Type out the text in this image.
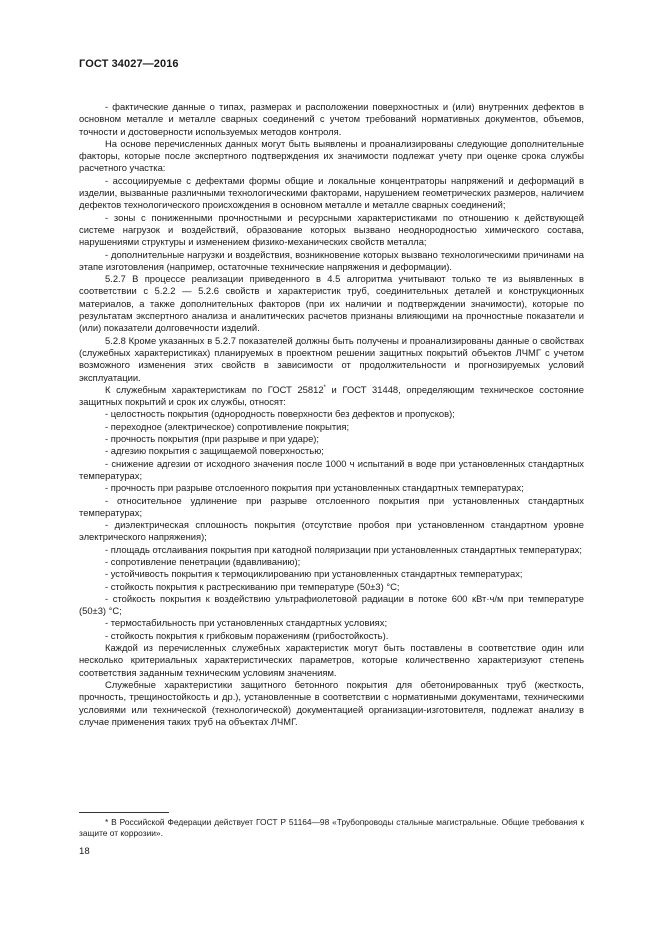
ГОСТ 34027—2016

- фактические данные о типах, размерах и расположении поверхностных и (или) внутренних дефектов в основном металле и металле сварных соединений с учетом требований нормативных документов, объемов, точности и достоверности используемых методов контроля.

На основе перечисленных данных могут быть выявлены и проанализированы следующие дополнительные факторы, которые после экспертного подтверждения их значимости подлежат учету при оценке срока службы расчетного участка:

- ассоциируемые с дефектами формы общие и локальные концентраторы напряжений и деформаций в изделии, вызванные различными технологическими факторами, нарушением геометрических размеров, наличием дефектов технологического происхождения в основном металле и металле сварных соединений;

- зоны с пониженными прочностными и ресурсными характеристиками по отношению к действующей системе нагрузок и воздействий, образование которых вызвано неоднородностью химического состава, нарушениями структуры и изменением физико-механических свойств металла;

- дополнительные нагрузки и воздействия, возникновение которых вызвано технологическими причинами на этапе изготовления (например, остаточные технические напряжения и деформации).

5.2.7 В процессе реализации приведенного в 4.5 алгоритма учитывают только те из выявленных в соответствии с 5.2.2 — 5.2.6 свойств и характеристик труб, соединительных деталей и конструкционных материалов, а также дополнительных факторов (при их наличии и подтверждении значимости), которые по результатам экспертного анализа и аналитических расчетов признаны влияющими на прочностные показатели и (или) показатели долговечности изделий.

5.2.8 Кроме указанных в 5.2.7 показателей должны быть получены и проанализированы данные о свойствах (служебных характеристиках) планируемых в проектном решении защитных покрытий объектов ЛЧМГ с учетом возможного изменения этих свойств в зависимости от продолжительности и прогнозируемых условий эксплуатации.

К служебным характеристикам по ГОСТ 25812* и ГОСТ 31448, определяющим техническое состояние защитных покрытий и срок их службы, относят:

- целостность покрытия (однородность поверхности без дефектов и пропусков);

- переходное (электрическое) сопротивление покрытия;

- прочность покрытия (при разрыве и при ударе);

- адгезию покрытия с защищаемой поверхностью;

- снижение адгезии от исходного значения после 1000 ч испытаний в воде при установленных стандартных температурах;

- прочность при разрыве отслоенного покрытия при установленных стандартных температурах;

- относительное удлинение при разрыве отслоенного покрытия при установленных стандартных температурах;

- диэлектрическая сплошность покрытия (отсутствие пробоя при установленном стандартном уровне электрического напряжения);

- площадь отслаивания покрытия при катодной поляризации при установленных стандартных температурах;

- сопротивление пенетрации (вдавливанию);

- устойчивость покрытия к термоциклированию при установленных стандартных температурах;

- стойкость покрытия к растрескиванию при температуре (50±3) °С;

- стойкость покрытия к воздействию ультрафиолетовой радиации в потоке 600 кВт·ч/м при температуре (50±3) °С;

- термостабильность при установленных стандартных условиях;

- стойкость покрытия к грибковым поражениям (грибостойкость).

Каждой из перечисленных служебных характеристик могут быть поставлены в соответствие один или несколько критериальных характеристических параметров, которые количественно характеризуют степень соответствия заданным техническим условиям значениям.

Служебные характеристики защитного бетонного покрытия для обетонированных труб (жесткость, прочность, трещиностойкость и др.), установленные в соответствии с нормативными документами, техническими условиями или технической (технологической) документацией организации-изготовителя, подлежат анализу в случае применения таких труб на объектах ЛЧМГ.

* В Российской Федерации действует ГОСТ Р 51164—98 «Трубопроводы стальные магистральные. Общие требования к защите от коррозии».
18
